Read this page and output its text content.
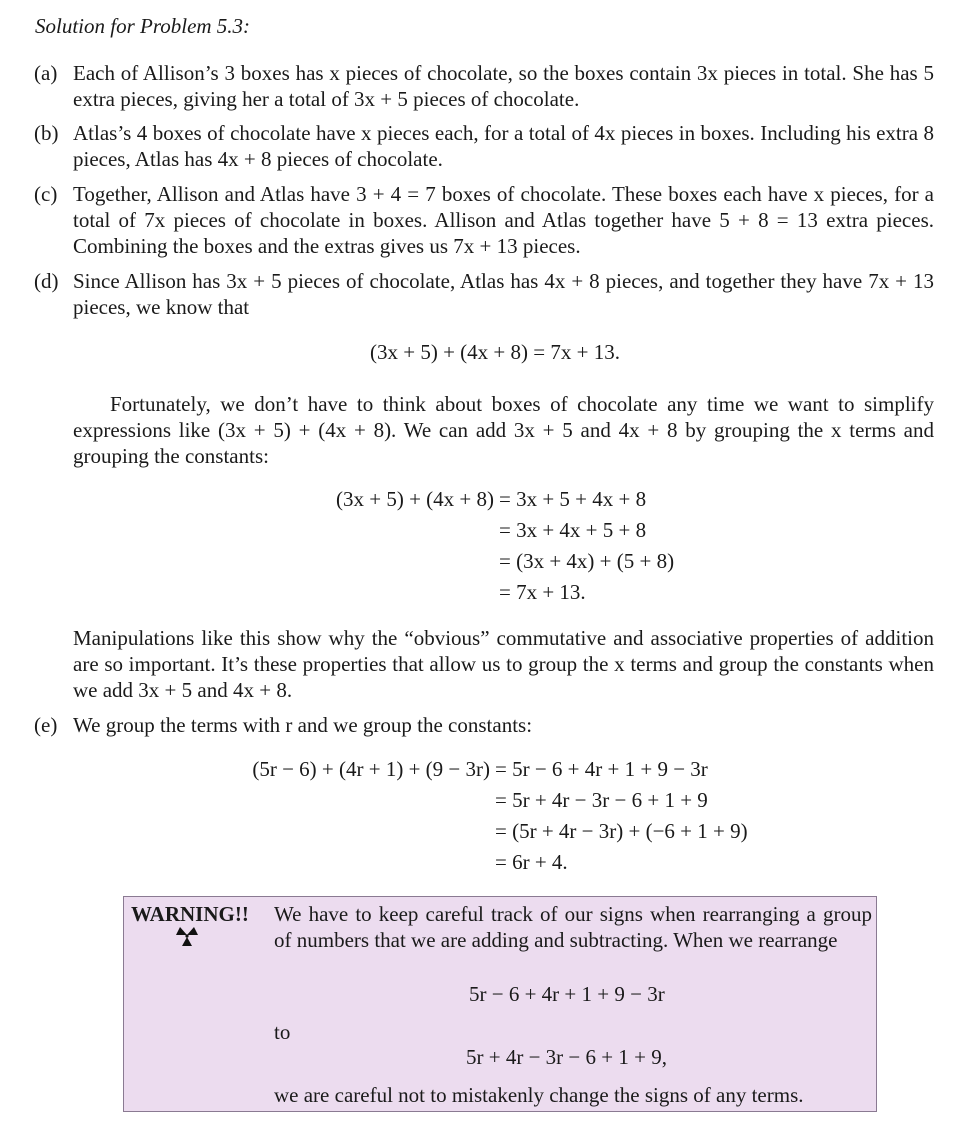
Solution for Problem 5.3:
(a) Each of Allison’s 3 boxes has x pieces of chocolate, so the boxes contain 3x pieces in total. She has 5 extra pieces, giving her a total of 3x + 5 pieces of chocolate.

(b) Atlas’s 4 boxes of chocolate have x pieces each, for a total of 4x pieces in boxes. Including his extra 8 pieces, Atlas has 4x + 8 pieces of chocolate.

(c) Together, Allison and Atlas have 3 + 4 = 7 boxes of chocolate. These boxes each have x pieces, for a total of 7x pieces of chocolate in boxes. Allison and Atlas together have 5 + 8 = 13 extra pieces. Combining the boxes and the extras gives us 7x + 13 pieces.

(d) Since Allison has 3x + 5 pieces of chocolate, Atlas has 4x + 8 pieces, and together they have 7x + 13 pieces, we know that

(3x + 5) + (4x + 8) = 7x + 13.

Fortunately, we don’t have to think about boxes of chocolate any time we want to simplify expressions like (3x + 5) + (4x + 8). We can add 3x + 5 and 4x + 8 by grouping the x terms and grouping the constants:

(3x + 5) + (4x + 8) = 3x + 5 + 4x + 8
= 3x + 4x + 5 + 8
= (3x + 4x) + (5 + 8)
= 7x + 13.

Manipulations like this show why the “obvious” commutative and associative properties of addition are so important. It’s these properties that allow us to group the x terms and group the constants when we add 3x + 5 and 4x + 8.

(e) We group the terms with r and we group the constants:

(5r − 6) + (4r + 1) + (9 − 3r) = 5r − 6 + 4r + 1 + 9 − 3r
= 5r + 4r − 3r − 6 + 1 + 9
= (5r + 4r − 3r) + (−6 + 1 + 9)
= 6r + 4.
WARNING!! We have to keep careful track of our signs when rearranging a group of numbers that we are adding and subtracting. When we rearrange
5r − 6 + 4r + 1 + 9 − 3r
to
5r + 4r − 3r − 6 + 1 + 9,
we are careful not to mistakenly change the signs of any terms.
